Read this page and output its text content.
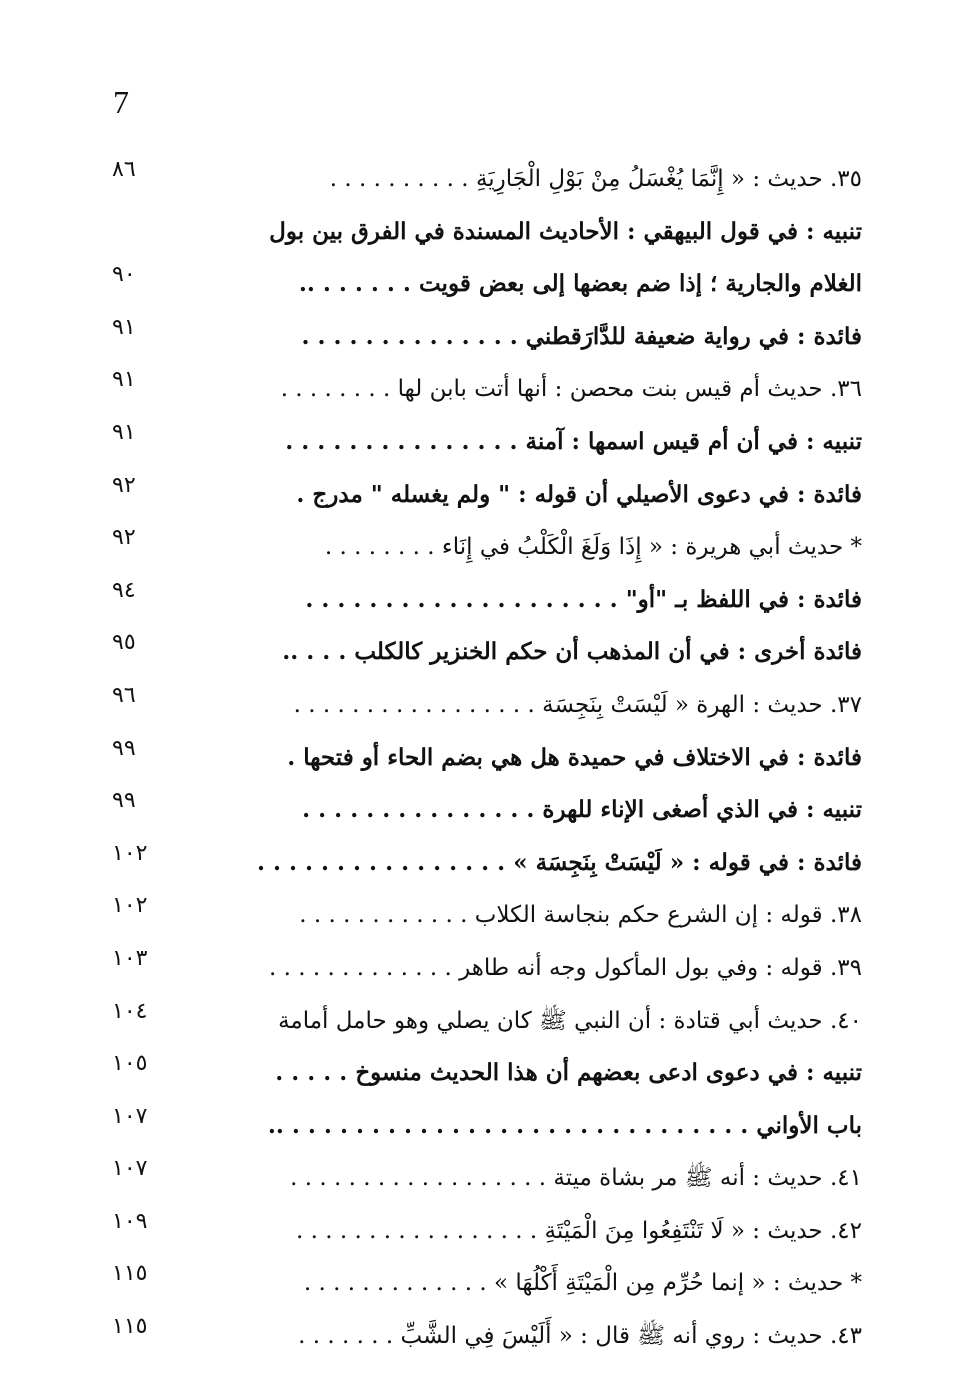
7
٨٦	٣٥. حديث : « إِنَّمَا يُغْسَلُ مِنْ بَوْلِ الْجَارِيَةِ . . . . . . . . . .
تنبيه : في قول البيهقي : الأحاديث المسندة في الفرق بين بول
٩٠	الغلام والجارية ؛ إذا ضم بعضها إلى بعض قويت . . . . . . ..
٩١	فائدة : في رواية ضعيفة للدَّارَقطني . . . . . . . . . . . . . .
٩١	٣٦. حديث أم قيس بنت محصن : أنها أتت بابن لها . . . . . . . .
٩١	تنبيه : في أن أم قيس اسمها : آمنة . . . . . . . . . . . . . . .
٩٢	فائدة : في دعوى الأصيلي أن قوله : " ولم يغسله " مدرج .
٩٢	* حديث أبي هريرة : « إِذَا وَلَغَ الْكَلْبُ في إِنَاء . . . . . . . .
٩٤	فائدة : في اللفظ بـ "أو" . . . . . . . . . . . . . . . . . . . .
٩٥	فائدة أخرى : في أن المذهب أن حكم الخنزير كالكلب . . . ..
٩٦	٣٧. حديث : الهرة « لَيْسَتْ بِنَجِسَة . . . . . . . . . . . . . . . . .
٩٩	فائدة : في الاختلاف في حميدة هل هي بضم الحاء أو فتحها .
٩٩	تنبيه : في الذي أصغى الإناء للهرة . . . . . . . . . . . . . . .
١٠٢	فائدة : في قوله : « لَيْسَتْ بِنَجِسَة » . . . . . . . . . . . . . . . .
١٠٢	٣٨. قوله : إن الشرع حكم بنجاسة الكلاب . . . . . . . . . . . .
١٠٣	٣٩. قوله : وفي بول المأكول وجه أنه طاهر . . . . . . . . . . . . .
١٠٤	٤٠. حديث أبي قتادة : أن النبي ﷺ كان يصلي وهو حامل أمامة
١٠٥	تنبيه : في دعوى ادعى بعضهم أن هذا الحديث منسوخ . . . . .
١٠٧	باب الأواني . . . . . . . . . . . . . . . . . . . . . . . . . . . . . ..
١٠٧	٤١. حديث : أنه ﷺ مر بشاة ميتة . . . . . . . . . . . . . . . . . .
١٠٩	٤٢. حديث : « لَا تَنْتَفِعُوا مِنَ الْمَيْتَةِ . . . . . . . . . . . . . . . . .
١١٥	* حديث : « إنما حُرِّم مِن الْمَيْتَةِ أَكْلُهَا » . . . . . . . . . . . . .
١١٥	٤٣. حديث : روي أنه ﷺ قال : « أَلَيْسَ فِي الشَّبِّ . . . . . . .
